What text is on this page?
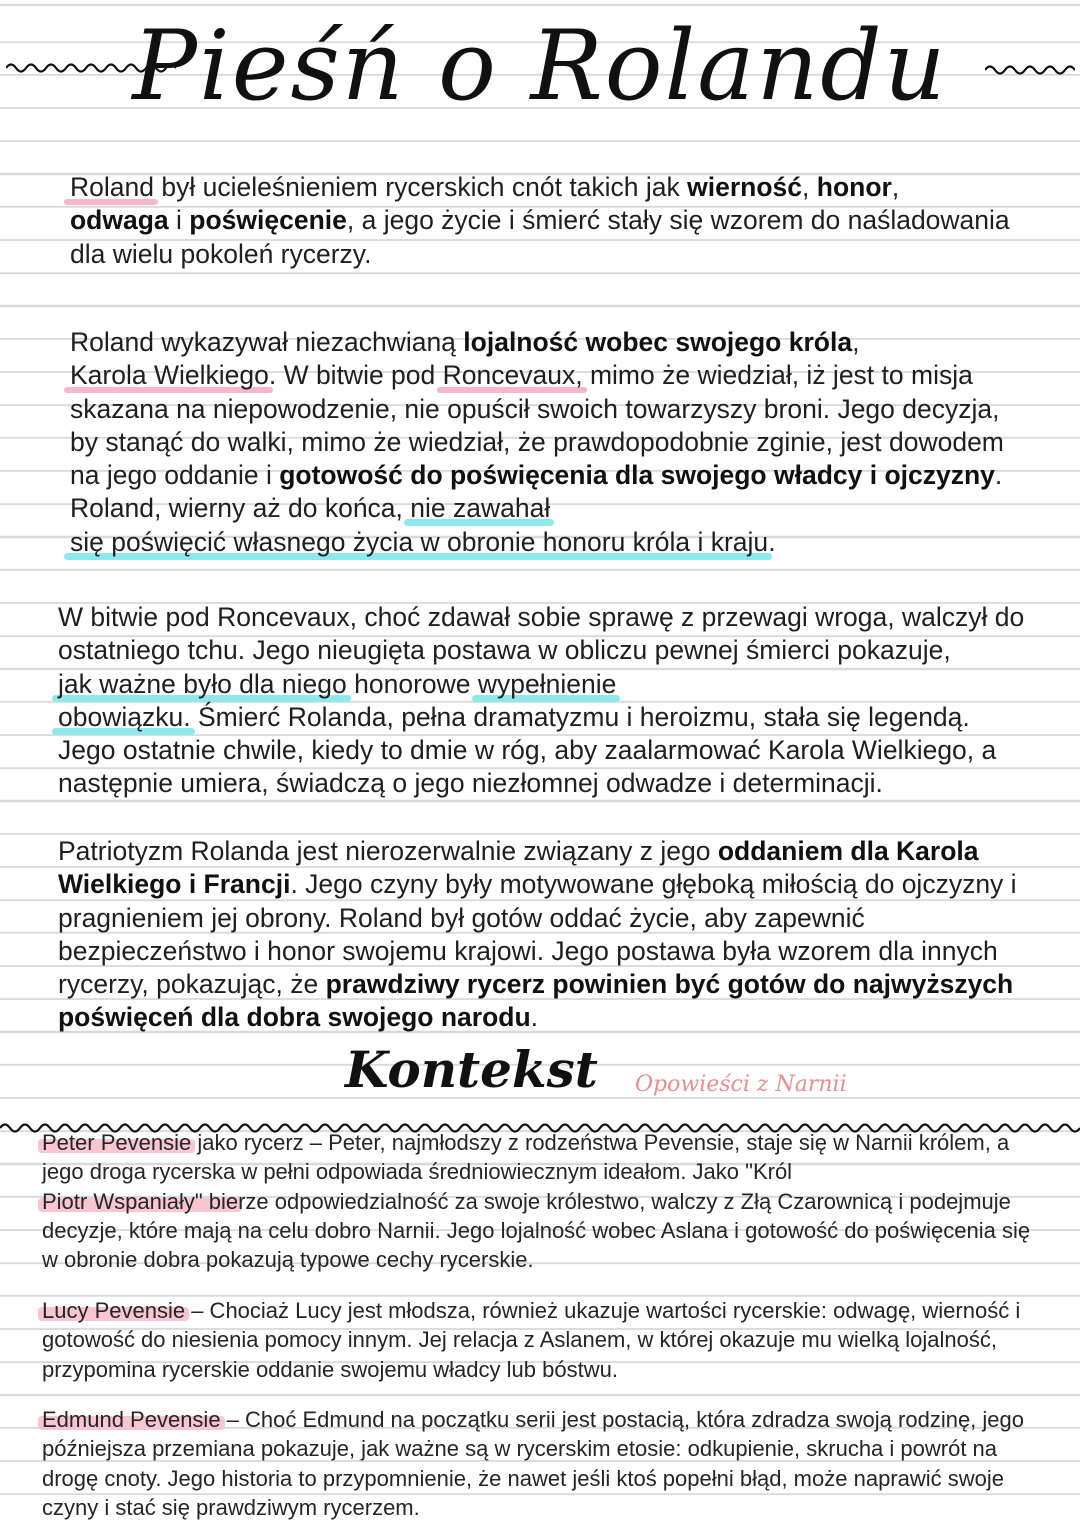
Pieśń o Rolandu

Roland był ucieleśnieniem rycerskich cnót takich jak wierność, honor,
odwaga i poświęcenie, a jego życie i śmierć stały się wzorem do naśladowania dla wielu pokoleń rycerzy.

Roland wykazywał niezachwianą lojalność wobec swojego króla,
Karola Wielkiego. W bitwie pod Roncevaux, mimo że wiedział, iż jest to misja skazana na niepowodzenie, nie opuścił swoich towarzyszy broni. Jego decyzja, by stanąć do walki, mimo że wiedział, że prawdopodobnie zginie, jest dowodem na jego oddanie i gotowość do poświęcenia dla swojego władcy i ojczyzny. Roland, wierny aż do końca, nie zawahał
się poświęcić własnego życia w obronie honoru króla i kraju.

W bitwie pod Roncevaux, choć zdawał sobie sprawę z przewagi wroga, walczył do ostatniego tchu. Jego nieugięta postawa w obliczu pewnej śmierci pokazuje, jak ważne było dla niego honorowe wypełnienie
obowiązku. Śmierć Rolanda, pełna dramatyzmu i heroizmu, stała się legendą. Jego ostatnie chwile, kiedy to dmie w róg, aby zaalarmować Karola Wielkiego, a następnie umiera, świadczą o jego niezłomnej odwadze i determinacji.

Patriotyzm Rolanda jest nierozerwalnie związany z jego oddaniem dla Karola Wielkiego i Francji. Jego czyny były motywowane głęboką miłością do ojczyzny i pragnieniem jej obrony. Roland był gotów oddać życie, aby zapewnić bezpieczeństwo i honor swojemu krajowi. Jego postawa była wzorem dla innych rycerzy, pokazując, że prawdziwy rycerz powinien być gotów do najwyższych poświęceń dla dobra swojego narodu.

Kontekst Opowieści z Narnii

Peter Pevensie jako rycerz – Peter, najmłodszy z rodzeństwa Pevensie, staje się w Narnii królem, a jego droga rycerska w pełni odpowiada średniowiecznym ideałom. Jako "Król
Piotr Wspaniały" bierze odpowiedzialność za swoje królestwo, walczy z Złą Czarownicą i podejmuje decyzje, które mają na celu dobro Narnii. Jego lojalność wobec Aslana i gotowość do poświęcenia się w obronie dobra pokazują typowe cechy rycerskie.

Lucy Pevensie – Chociaż Lucy jest młodsza, również ukazuje wartości rycerskie: odwagę, wierność i gotowość do niesienia pomocy innym. Jej relacja z Aslanem, w której okazuje mu wielką lojalność, przypomina rycerskie oddanie swojemu władcy lub bóstwu.

Edmund Pevensie – Choć Edmund na początku serii jest postacią, która zdradza swoją rodzinę, jego późniejsza przemiana pokazuje, jak ważne są w rycerskim etosie: odkupienie, skrucha i powrót na drogę cnoty. Jego historia to przypomnienie, że nawet jeśli ktoś popełni błąd, może naprawić swoje czyny i stać się prawdziwym rycerzem.
